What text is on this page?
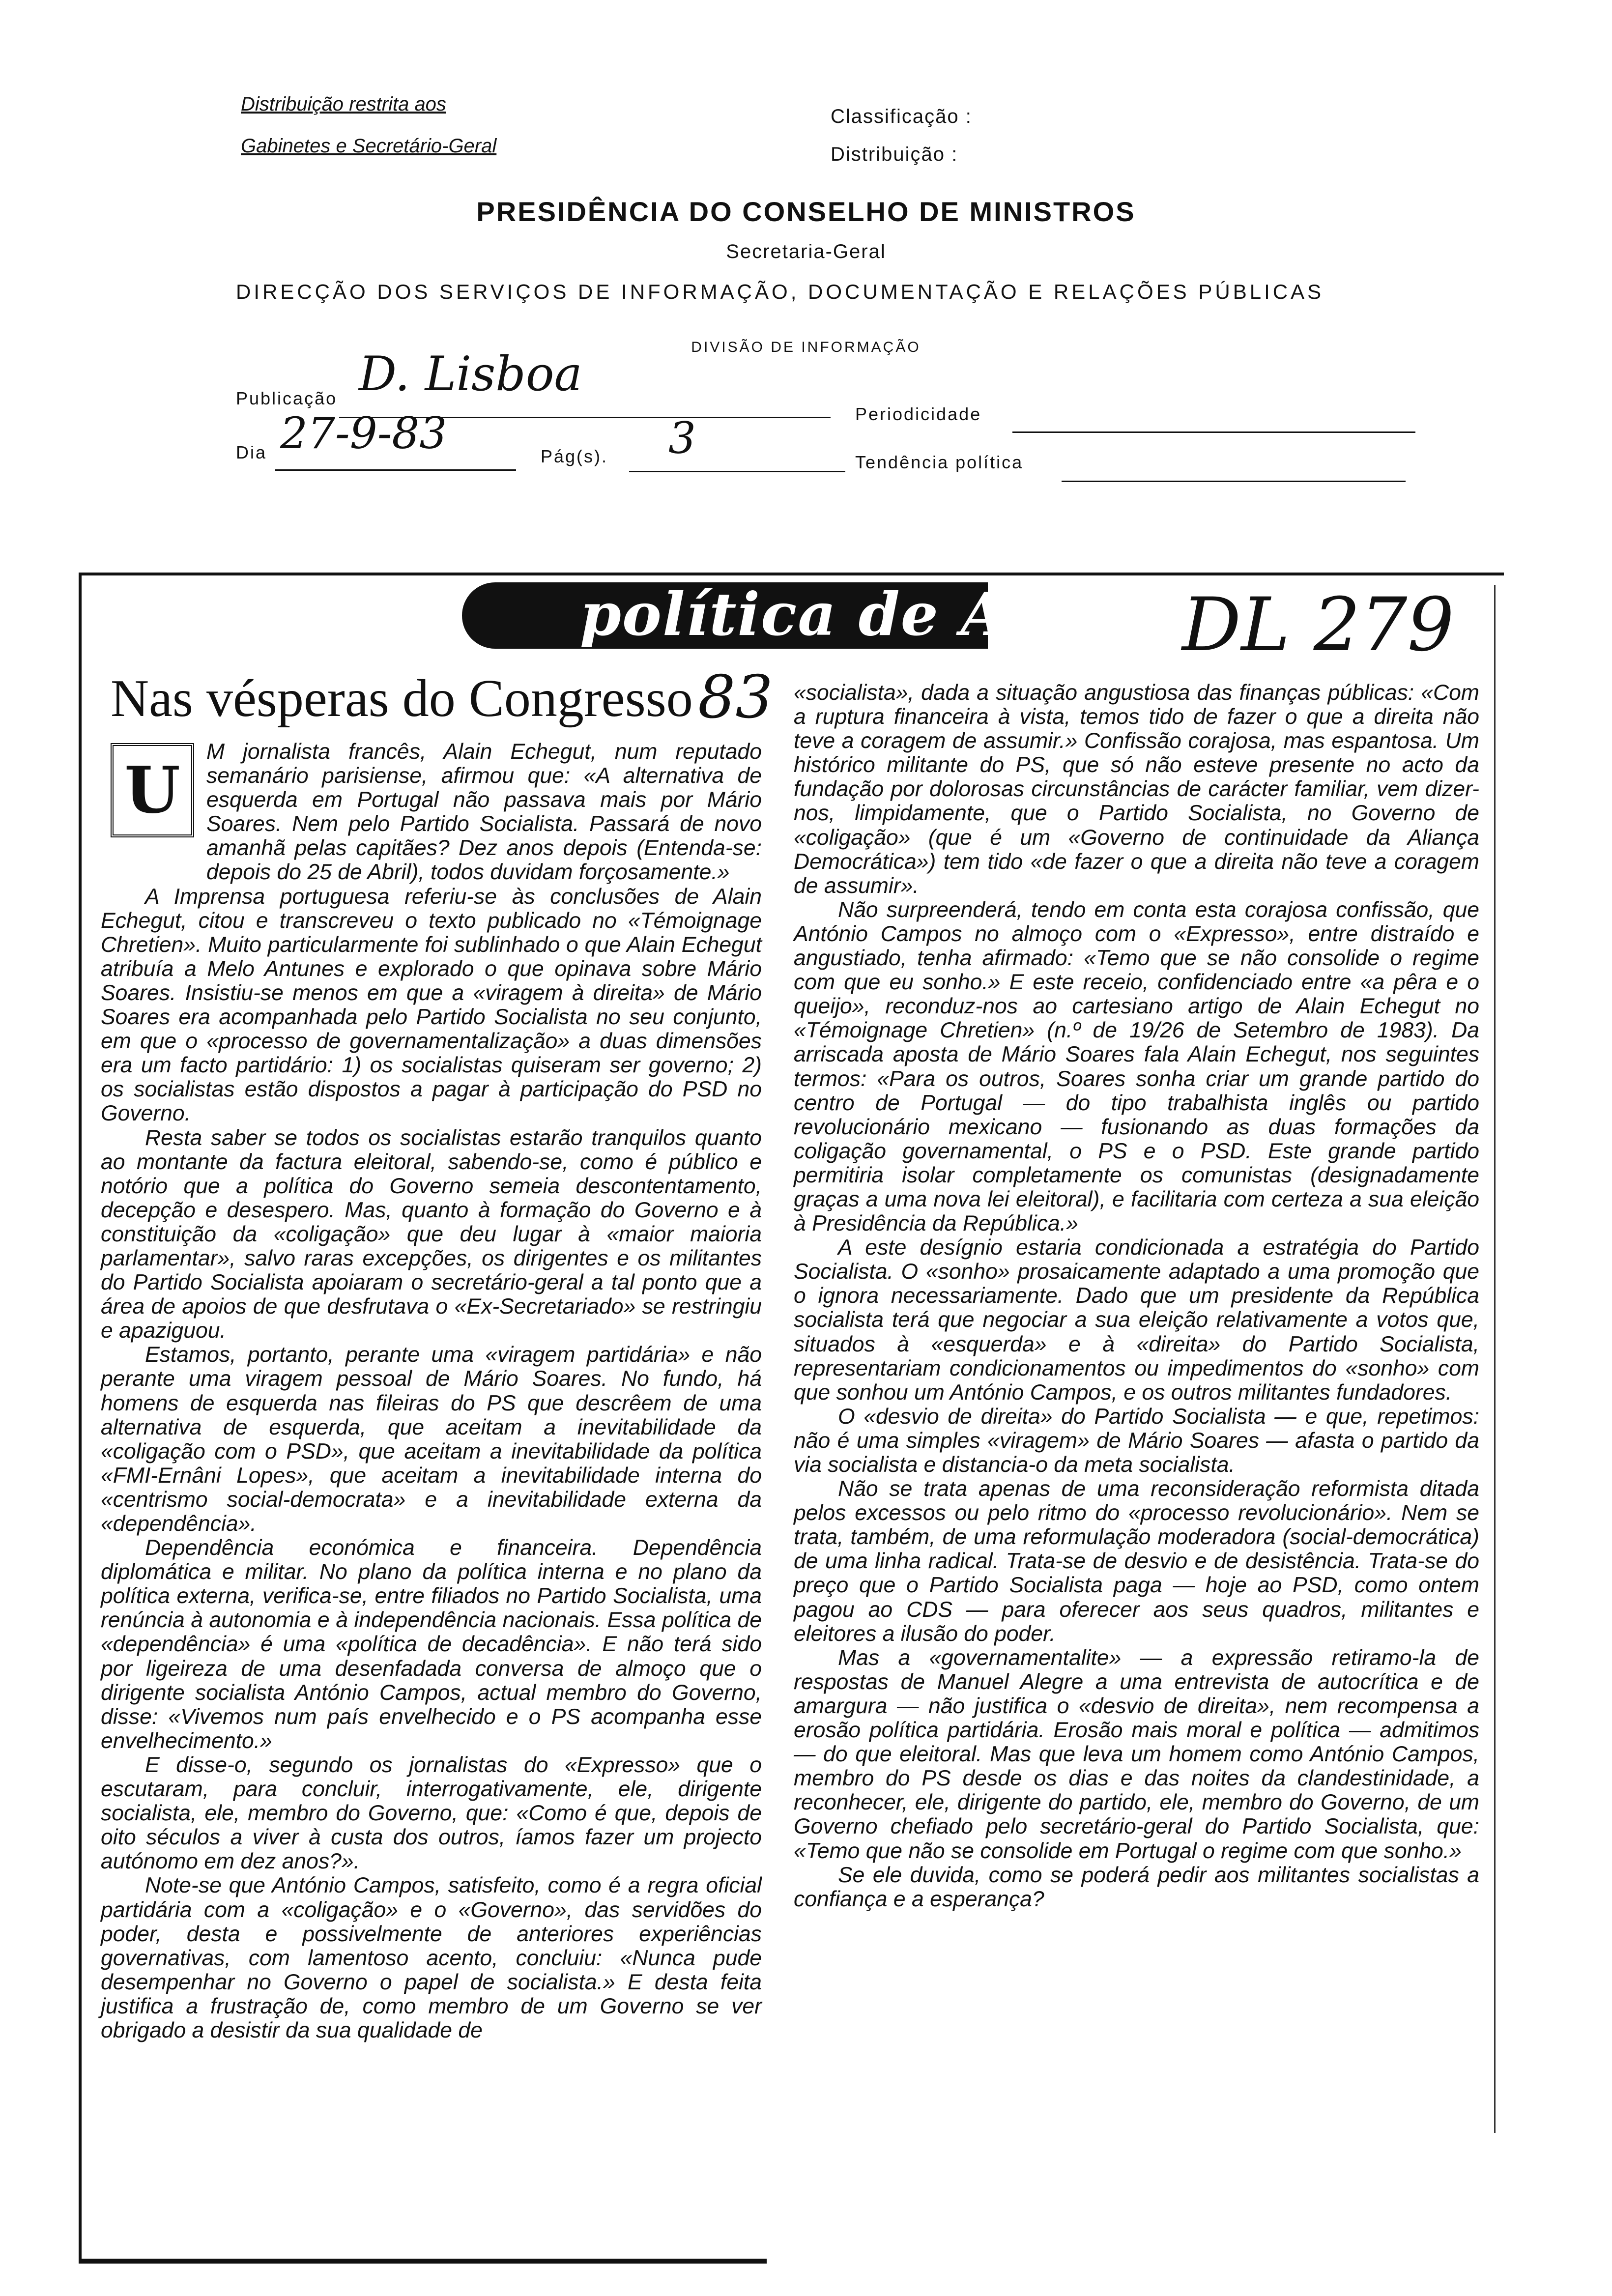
Distribuição restrita aos
Gabinetes e Secretário-Geral
Classificação :
Distribuição :
PRESIDÊNCIA DO CONSELHO DE MINISTROS
Secretaria-Geral
DIRECÇÃO DOS SERVIÇOS DE INFORMAÇÃO, DOCUMENTAÇÃO E RELAÇÕES PÚBLICAS
DIVISÃO DE INFORMAÇÃO
Publicação D. Lisboa
Periodicidade
Dia 27-9-83	Pág(s). 3	Tendência política
política de A a Z DL 279
Nas vésperas do Congresso 83
U

M jornalista francês, Alain Echegut, num reputado semanário parisiense, afirmou que: «A alternativa de esquerda em Portugal não passava mais por Mário Soares. Nem pelo Partido Socialista. Passará de novo amanhã pelas capitães? Dez anos depois (Entenda-se: depois do 25 de Abril), todos duvidam forçosamente.»

A Imprensa portuguesa referiu-se às conclusões de Alain Echegut, citou e transcreveu o texto publicado no «Témoignage Chretien». Muito particularmente foi sublinhado o que Alain Echegut atribuía a Melo Antunes e explorado o que opinava sobre Mário Soares. Insistiu-se menos em que a «viragem à direita» de Mário Soares era acompanhada pelo Partido Socialista no seu conjunto, em que o «processo de governamentalização» a duas dimensões era um facto partidário: 1) os socialistas quiseram ser governo; 2) os socialistas estão dispostos a pagar à participação do PSD no Governo.

Resta saber se todos os socialistas estarão tranquilos quanto ao montante da factura eleitoral, sabendo-se, como é público e notório que a política do Governo semeia descontentamento, decepção e desespero. Mas, quanto à formação do Governo e à constituição da «coligação» que deu lugar à «maior maioria parlamentar», salvo raras excepções, os dirigentes e os militantes do Partido Socialista apoiaram o secretário-geral a tal ponto que a área de apoios de que desfrutava o «Ex-Secretariado» se restringiu e apaziguou.

Estamos, portanto, perante uma «viragem partidária» e não perante uma viragem pessoal de Mário Soares. No fundo, há homens de esquerda nas fileiras do PS que descrêem de uma alternativa de esquerda, que aceitam a inevitabilidade da «coligação com o PSD», que aceitam a inevitabilidade da política «FMI-Ernâni Lopes», que aceitam a inevitabilidade interna do «centrismo social-democrata» e a inevitabilidade externa da «dependência».

Dependência económica e financeira. Dependência diplomática e militar. No plano da política interna e no plano da política externa, verifica-se, entre filiados no Partido Socialista, uma renúncia à autonomia e à independência nacionais. Essa política de «dependência» é uma «política de decadência». E não terá sido por ligeireza de uma desenfadada conversa de almoço que o dirigente socialista António Campos, actual membro do Governo, disse: «Vivemos num país envelhecido e o PS acompanha esse envelhecimento.»

E disse-o, segundo os jornalistas do «Expresso» que o escutaram, para concluir, interrogativamente, ele, dirigente socialista, ele, membro do Governo, que: «Como é que, depois de oito séculos a viver à custa dos outros, íamos fazer um projecto autónomo em dez anos?».

Note-se que António Campos, satisfeito, como é a regra oficial partidária com a «coligação» e o «Governo», das servidões do poder, desta e possivelmente de anteriores experiências governativas, com lamentoso acento, concluiu: «Nunca pude desempenhar no Governo o papel de socialista.» E desta feita justifica a frustração de, como membro de um Governo se ver obrigado a desistir da sua qualidade de

«socialista», dada a situação angustiosa das finanças públicas: «Com a ruptura financeira à vista, temos tido de fazer o que a direita não teve a coragem de assumir.» Confissão corajosa, mas espantosa. Um histórico militante do PS, que só não esteve presente no acto da fundação por dolorosas circunstâncias de carácter familiar, vem dizer-nos, limpidamente, que o Partido Socialista, no Governo de «coligação» (que é um «Governo de continuidade da Aliança Democrática») tem tido «de fazer o que a direita não teve a coragem de assumir».

Não surpreenderá, tendo em conta esta corajosa confissão, que António Campos no almoço com o «Expresso», entre distraído e angustiado, tenha afirmado: «Temo que se não consolide o regime com que eu sonho.» E este receio, confidenciado entre «a pêra e o queijo», reconduz-nos ao cartesiano artigo de Alain Echegut no «Témoignage Chretien» (n.º de 19/26 de Setembro de 1983). Da arriscada aposta de Mário Soares fala Alain Echegut, nos seguintes termos: «Para os outros, Soares sonha criar um grande partido do centro de Portugal — do tipo trabalhista inglês ou partido revolucionário mexicano — fusionando as duas formações da coligação governamental, o PS e o PSD. Este grande partido permitiria isolar completamente os comunistas (designadamente graças a uma nova lei eleitoral), e facilitaria com certeza a sua eleição à Presidência da República.»

A este desígnio estaria condicionada a estratégia do Partido Socialista. O «sonho» prosaicamente adaptado a uma promoção que o ignora necessariamente. Dado que um presidente da República socialista terá que negociar a sua eleição relativamente a votos que, situados à «esquerda» e à «direita» do Partido Socialista, representariam condicionamentos ou impedimentos do «sonho» com que sonhou um António Campos, e os outros militantes fundadores.

O «desvio de direita» do Partido Socialista — e que, repetimos: não é uma simples «viragem» de Mário Soares — afasta o partido da via socialista e distancia-o da meta socialista.

Não se trata apenas de uma reconsideração reformista ditada pelos excessos ou pelo ritmo do «processo revolucionário». Nem se trata, também, de uma reformulação moderadora (social-democrática) de uma linha radical. Trata-se de desvio e de desistência. Trata-se do preço que o Partido Socialista paga — hoje ao PSD, como ontem pagou ao CDS — para oferecer aos seus quadros, militantes e eleitores a ilusão do poder.

Mas a «governamentalite» — a expressão retiramo-la de respostas de Manuel Alegre a uma entrevista de autocrítica e de amargura — não justifica o «desvio de direita», nem recompensa a erosão política partidária. Erosão mais moral e política — admitimos — do que eleitoral. Mas que leva um homem como António Campos, membro do PS desde os dias e das noites da clandestinidade, a reconhecer, ele, dirigente do partido, ele, membro do Governo, de um Governo chefiado pelo secretário-geral do Partido Socialista, que: «Temo que não se consolide em Portugal o regime com que sonho.»

Se ele duvida, como se poderá pedir aos militantes socialistas a confiança e a esperança?
